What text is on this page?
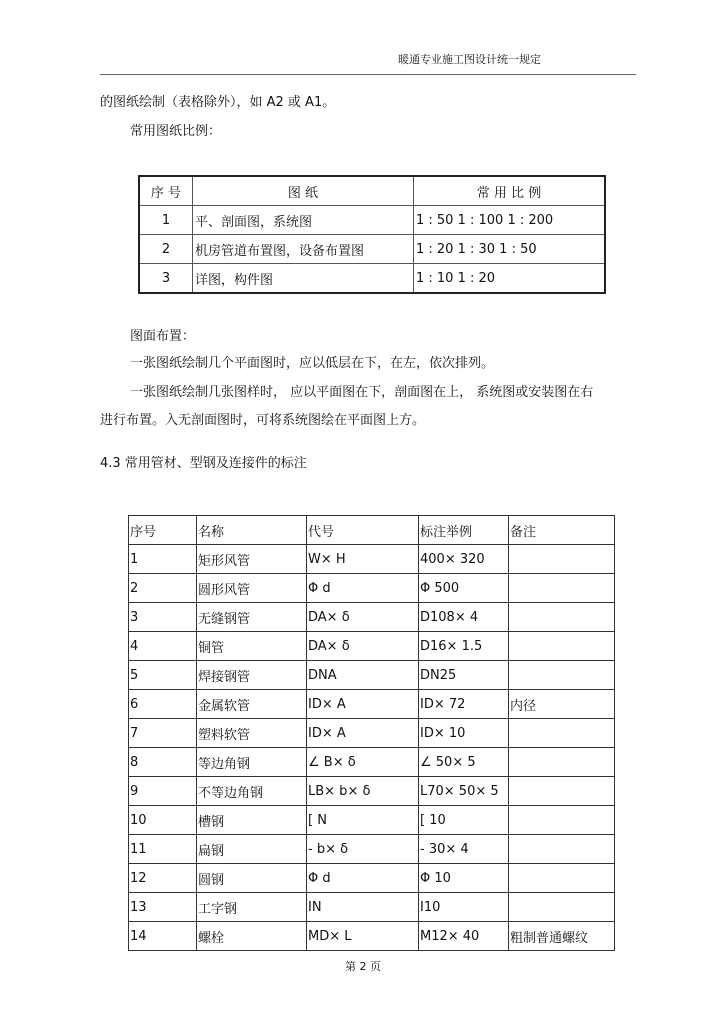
暖通专业施工图设计统一规定
的图纸绘制（表格除外），如 A2 或 A1。
常用图纸比例：
序 号	图 纸	常 用 比 例
1	平、剖面图，系统图	1 : 50 1 : 100 1 : 200
2	机房管道布置图，设备布置图	1 : 20 1 : 30 1 : 50
3	详图，构件图	1 : 10 1 : 20
图面布置：
一张图纸绘制几个平面图时，应以低层在下，在左，依次排列。
一张图纸绘制几张图样时， 应以平面图在下，剖面图在上， 系统图或安装图在右
进行布置。入无剖面图时，可将系统图绘在平面图上方。
4.3 常用管材、型钢及连接件的标注
序号	名称	代号	标注举例	备注
1	矩形风管	W× H	400× 320	
2	圆形风管	Φ d	Φ 500	
3	无缝钢管	DA× δ	D108× 4	
4	铜管	DA× δ	D16× 1.5	
5	焊接钢管	DNA	DN25	
6	金属软管	ID× A	ID× 72	内径
7	塑料软管	ID× A	ID× 10	
8	等边角钢	∠ B× δ	∠ 50× 5	
9	不等边角钢	LB× b× δ	L70× 50× 5	
10	槽钢	[ N	[ 10	
11	扁钢	- b× δ	- 30× 4	
12	圆钢	Φ d	Φ 10	
13	工字钢	IN	I10	
14	螺栓	MD× L	M12× 40	粗制普通螺纹
第 2 页
